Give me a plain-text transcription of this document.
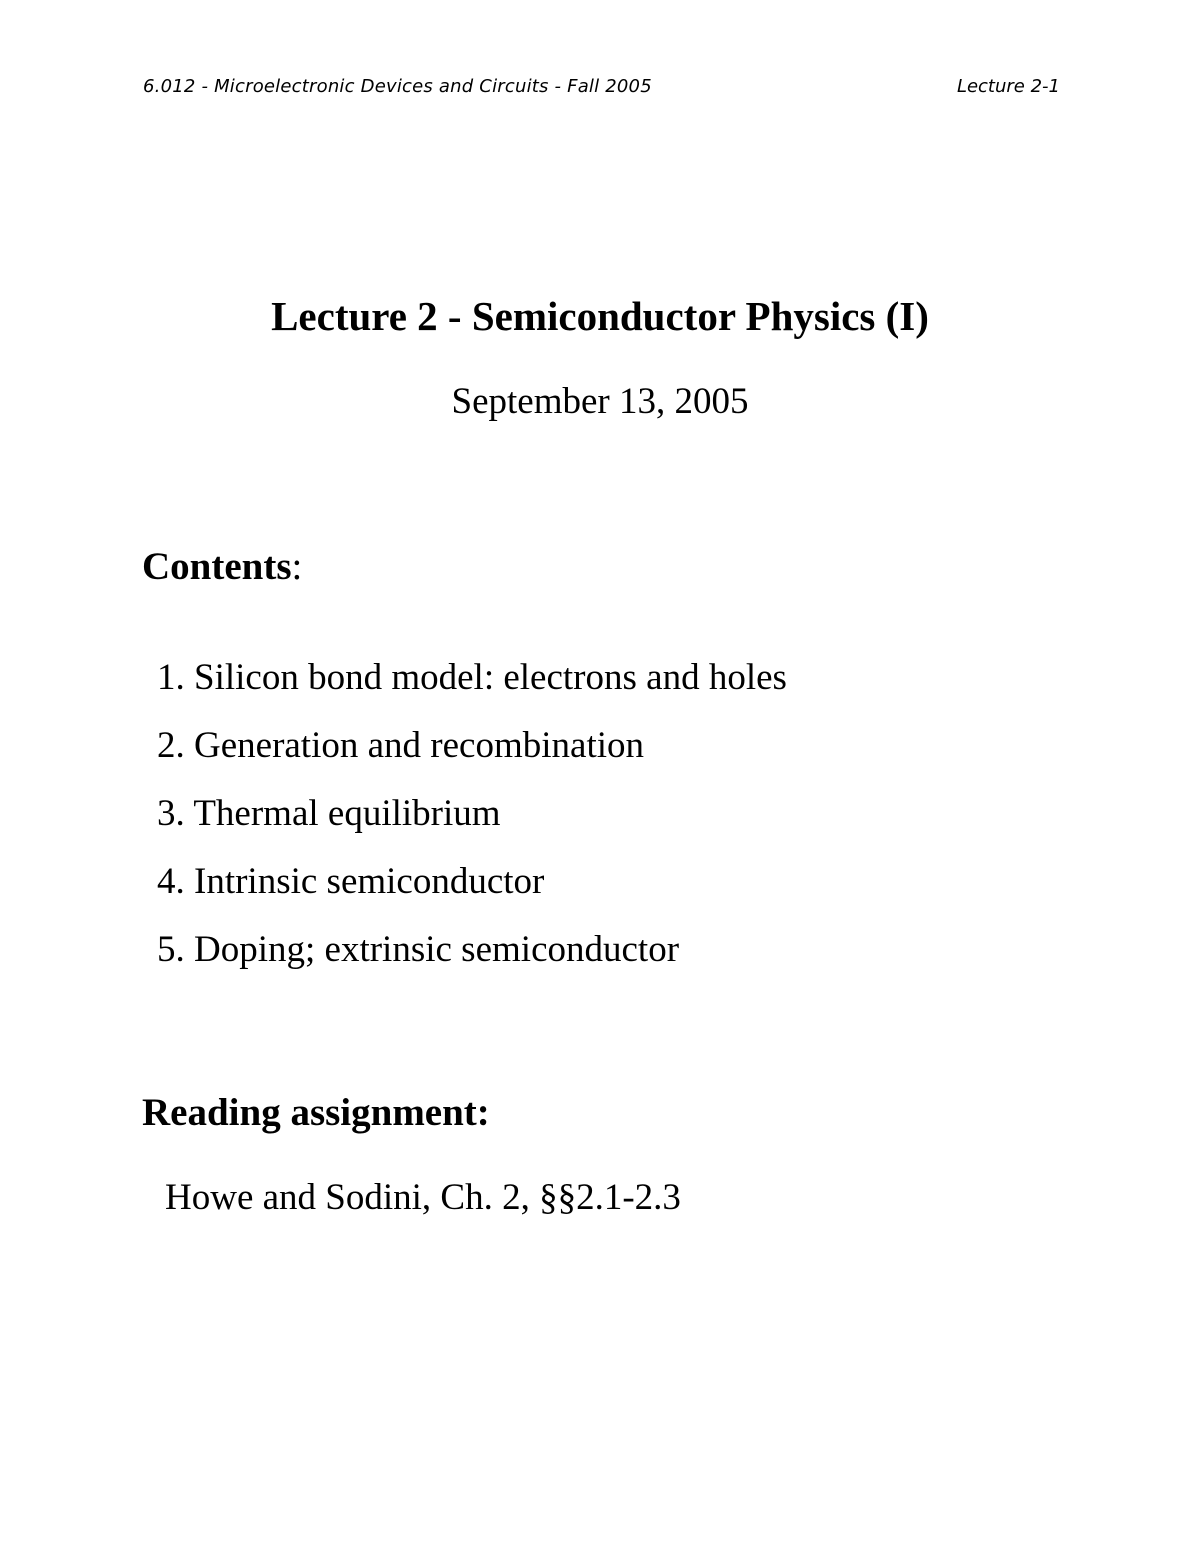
6.012 - Microelectronic Devices and Circuits - Fall 2005	Lecture 2-1
Lecture 2 - Semiconductor Physics (I)
September 13, 2005
Contents:
1. Silicon bond model: electrons and holes
2. Generation and recombination
3. Thermal equilibrium
4. Intrinsic semiconductor
5. Doping; extrinsic semiconductor
Reading assignment:
Howe and Sodini, Ch. 2, §§2.1-2.3
